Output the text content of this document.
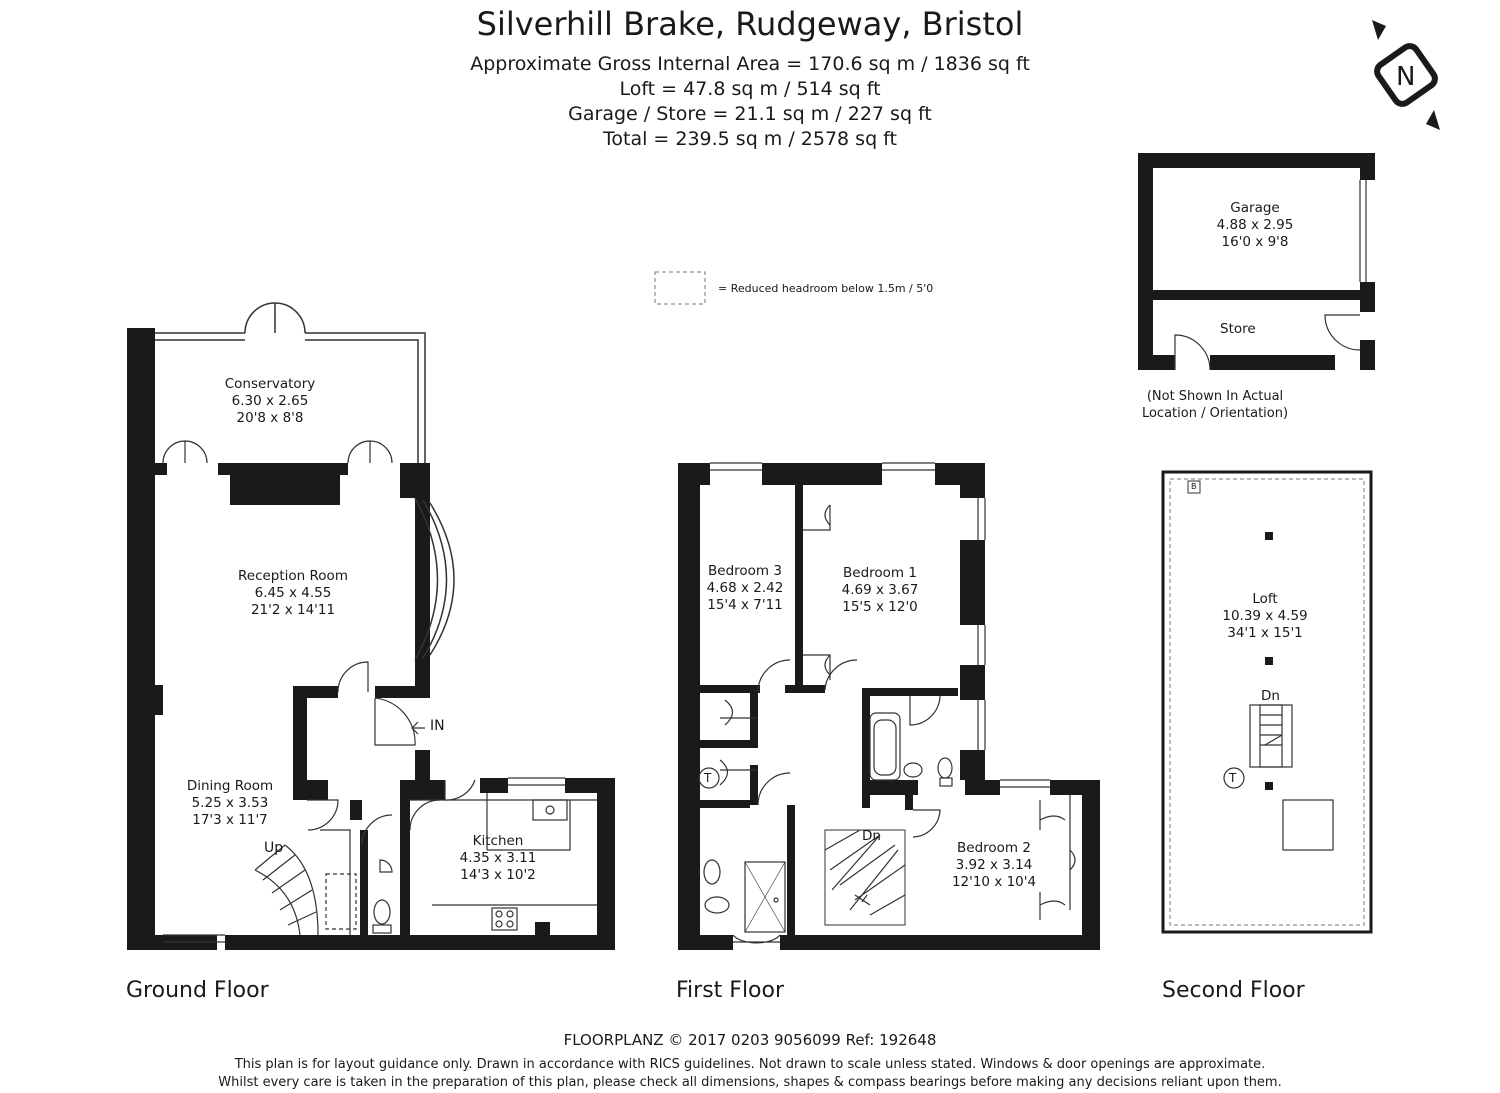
Silverhill Brake, Rudgeway, Bristol
Approximate Gross Internal Area = 170.6 sq m / 1836 sq ft
Loft = 47.8 sq m / 514 sq ft
Garage / Store = 21.1 sq m / 227 sq ft
Total = 239.5 sq m / 2578 sq ft
= Reduced headroom below 1.5m / 5'0
N
Conservatory
6.30 x 2.65
20'8 x 8'8
Reception Room
6.45 x 4.55
21'2 x 14'11
Dining Room
5.25 x 3.53
17'3 x 11'7
Kitchen
4.35 x 3.11
14'3 x 10'2
IN
Up
Bedroom 3
4.68 x 2.42
15'4 x 7'11
Bedroom 1
4.69 x 3.67
15'5 x 12'0
Bedroom 2
3.92 x 3.14
12'10 x 10'4
Dn
T
Loft
10.39 x 4.59
34'1 x 15'1
Dn
T
B
Garage
4.88 x 2.95
16'0 x 9'8
Store
(Not Shown In Actual
Location / Orientation)
Ground Floor	First Floor	Second Floor
FLOORPLANZ © 2017 0203 9056099 Ref: 192648
This plan is for layout guidance only. Drawn in accordance with RICS guidelines. Not drawn to scale unless stated. Windows & door openings are approximate.
Whilst every care is taken in the preparation of this plan, please check all dimensions, shapes & compass bearings before making any decisions reliant upon them.
